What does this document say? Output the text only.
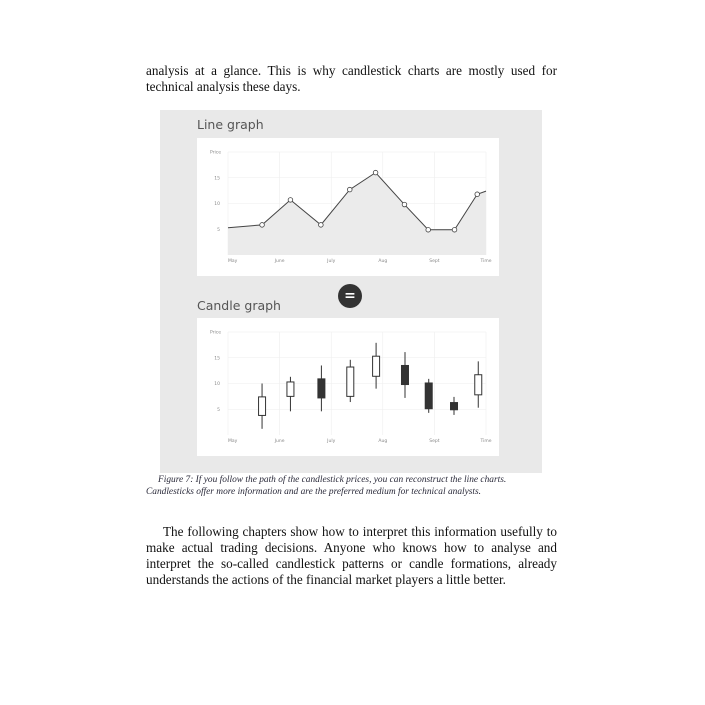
analysis at a glance. This is why candlestick charts are mostly used for technical analysis these days.
Line graph
May	June	July	Aug	Sept	Time
15
10
5
Price
=
Candle graph
May	June	July	Aug	Sept	Time
15
10
5
Price
Figure 7: If you follow the path of the candlestick prices, you can reconstruct the line charts.
Candlesticks offer more information and are the preferred medium for technical analysts.
The following chapters show how to interpret this information usefully to make actual trading decisions. Anyone who knows how to analyse and interpret the so-called candlestick patterns or candle formations, already understands the actions of the financial market players a little better.
